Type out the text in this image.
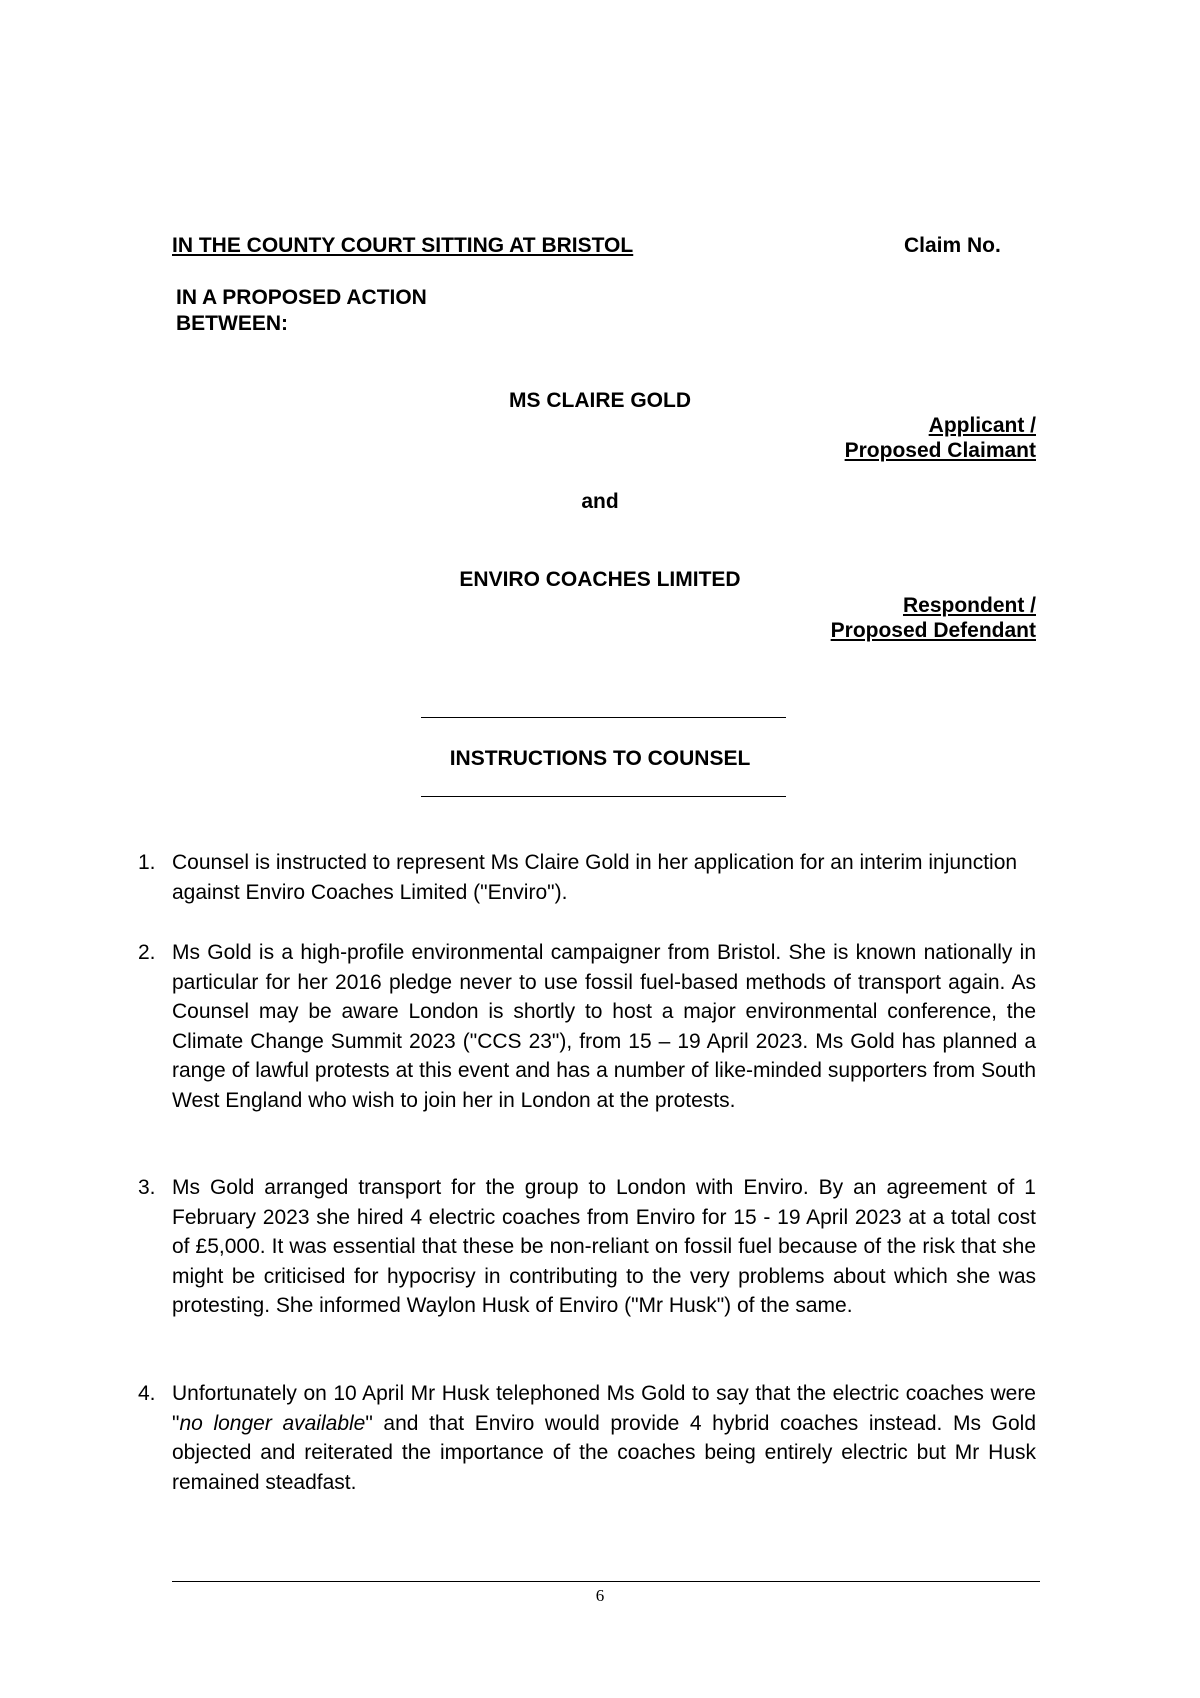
IN THE COUNTY COURT SITTING AT BRISTOL	Claim No.
IN A PROPOSED ACTION
BETWEEN:
MS CLAIRE GOLD
Applicant /
Proposed Claimant
and
ENVIRO COACHES LIMITED
Respondent /
Proposed Defendant
INSTRUCTIONS TO COUNSEL
1. Counsel is instructed to represent Ms Claire Gold in her application for an interim injunction against Enviro Coaches Limited ("Enviro").
2. Ms Gold is a high-profile environmental campaigner from Bristol. She is known nationally in particular for her 2016 pledge never to use fossil fuel-based methods of transport again. As Counsel may be aware London is shortly to host a major environmental conference, the Climate Change Summit 2023 ("CCS 23"), from 15 – 19 April 2023. Ms Gold has planned a range of lawful protests at this event and has a number of like-minded supporters from South West England who wish to join her in London at the protests.
3. Ms Gold arranged transport for the group to London with Enviro. By an agreement of 1 February 2023 she hired 4 electric coaches from Enviro for 15 - 19 April 2023 at a total cost of £5,000. It was essential that these be non-reliant on fossil fuel because of the risk that she might be criticised for hypocrisy in contributing to the very problems about which she was protesting. She informed Waylon Husk of Enviro ("Mr Husk") of the same.
4. Unfortunately on 10 April Mr Husk telephoned Ms Gold to say that the electric coaches were "no longer available" and that Enviro would provide 4 hybrid coaches instead. Ms Gold objected and reiterated the importance of the coaches being entirely electric but Mr Husk remained steadfast.
6
